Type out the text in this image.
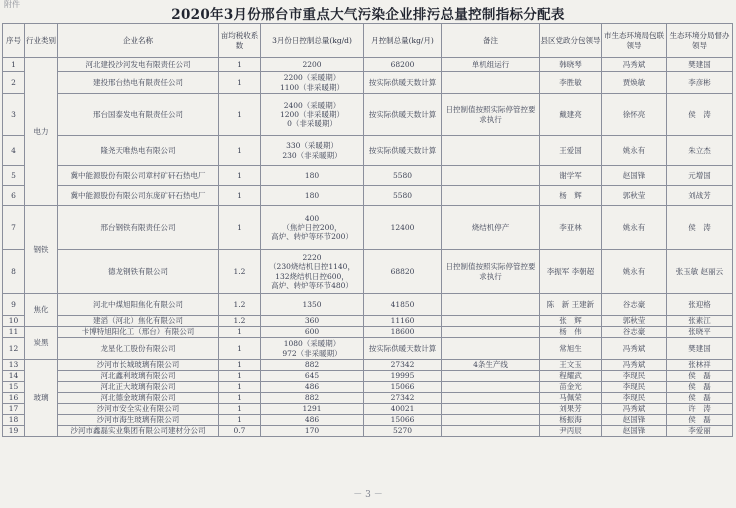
附件
2020年3月份邢台市重点大气污染企业排污总量控制指标分配表
序号	行业类别	企业名称	亩均税收系数	3月份日控制总量(kg/d)	月控制总量(kg/月)	备注	县区党政分包领导	市生态环境局包联领导	生态环境分局督办领导
1	电力	河北建投沙河发电有限责任公司	1	2200	68200	单机组运行	韩晓琴	冯秀斌	樊建国
2		建投邢台热电有限责任公司	1	2200（采暖期）
1100（非采暖期）	按实际供暖天数计算		李胜敏	贾焕敏	李彦彬
3		邢台国泰发电有限责任公司	1	2400（采暖期）
1200（非采暖期）
0（非采暖期）	按实际供暖天数计算	日控制值按照实际停管控要求执行	戴建亮	徐怀亮	侯　涛
4		隆尧天唯热电有限公司	1	330（采暖期）
230（非采暖期）	按实际供暖天数计算		王爱国	姚永有	朱立杰
5		冀中能源股份有限公司章村矿矸石热电厂	1	180	5580		谢学军	赵国锋	元增国
6		冀中能源股份有限公司东庞矿矸石热电厂	1	180	5580		杨　辉	郭秋莹	刘战芳
7	钢铁	邢台钢铁有限责任公司	1	400
（焦炉日控200，
高炉、转炉等环节200）	12400	烧结机停产	李亚林	姚永有	侯　涛
8		德龙钢铁有限公司	1.2	2220
（230烧结机日控1140，
132烧结机日控600，
高炉、转炉等环节480）	68820	日控制值按照实际停管控要求执行	李振军 李朝超	姚永有	张玉敏 赵丽云
9	焦化	河北中煤旭阳焦化有限公司	1.2	1350	41850		陈　新 王建新	谷志豪	张迎格
10		建滔（河北）焦化有限公司	1.2	360	11160		张　辉	郭秋莹	张素江
11	炭黑	卡博特旭阳化工（邢台）有限公司	1	600	18600		杨　伟	谷志豪	张晓平
12		龙星化工股份有限公司	1	1080（采暖期）
972（非采暖期）	按实际供暖天数计算		常旭生	冯秀斌	樊建国
13	玻璃	沙河市长城玻璃有限公司	1	882	27342	4条生产线	王文玉	冯秀斌	张林祥
14		河北鑫利玻璃有限公司	1	645	19995		程耀武	李现民	侯　磊
15		河北正大玻璃有限公司	1	486	15066		苗金光	李现民	侯　磊
16		河北德金玻璃有限公司	1	882	27342		马佩荣	李现民	侯　磊
17		沙河市安全实业有限公司	1	1291	40021		刘果芳	冯秀斌	许　涛
18		沙河市海生玻璃有限公司	1	486	15066		杨振海	赵国锋	侯　磊
19		沙河市鑫磊实业集团有限公司建材分公司	0.7	170	5270		尹丙辰	赵国锋	李爱丽
－ 3 －
